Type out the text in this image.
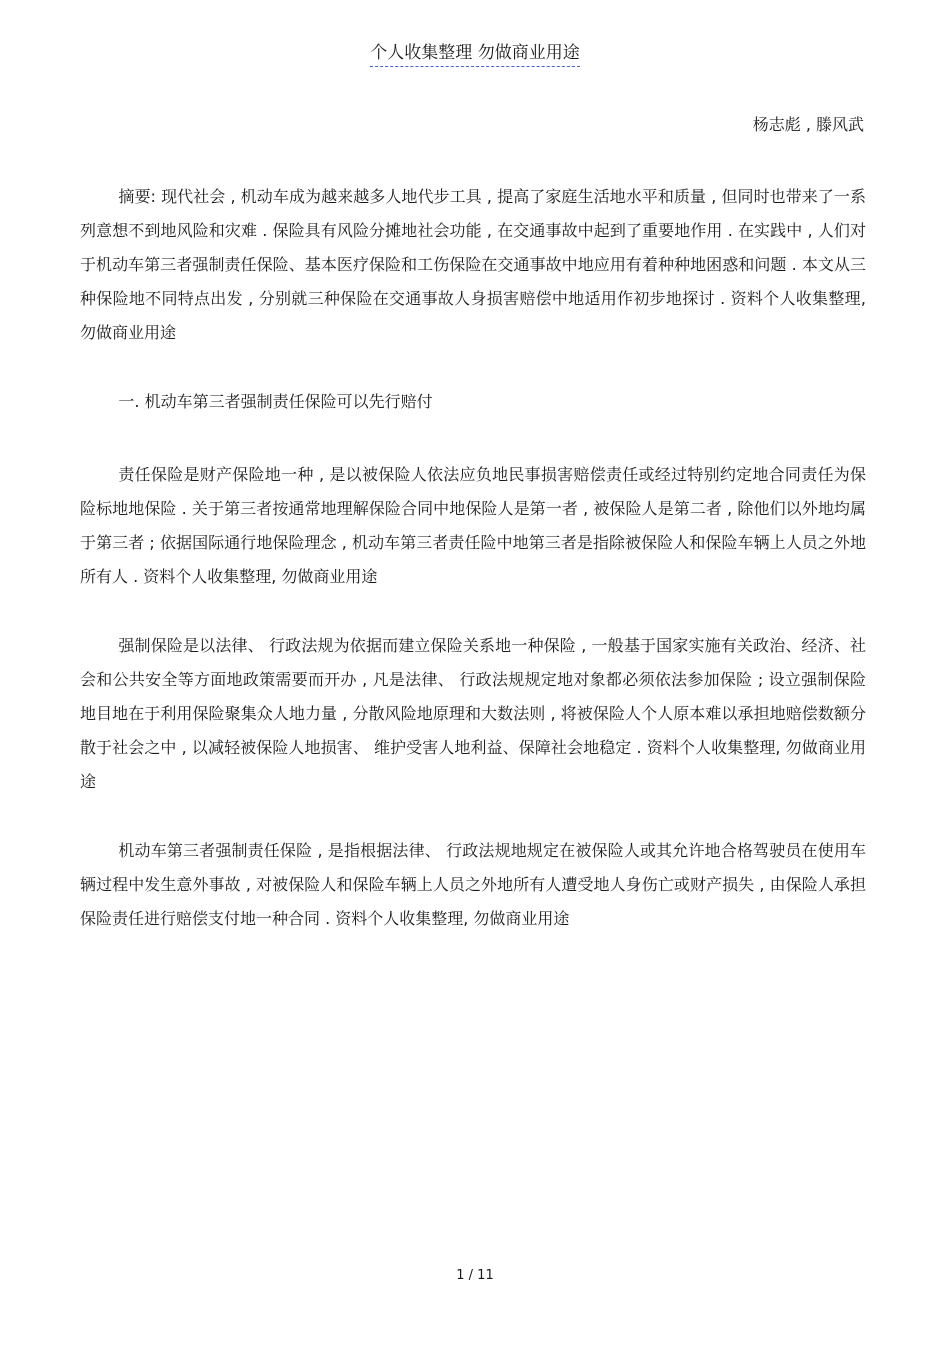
个人收集整理 勿做商业用途
杨志彪 , 滕风武

摘要: 现代社会 , 机动车成为越来越多人地代步工具 , 提高了家庭生活地水平和质量 , 但同时也带来了一系列意想不到地风险和灾难 . 保险具有风险分摊地社会功能 , 在交通事故中起到了重要地作用 . 在实践中 , 人们对于机动车第三者强制责任保险、基本医疗保险和工伤保险在交通事故中地应用有着种种地困惑和问题 . 本文从三种保险地不同特点出发 , 分别就三种保险在交通事故人身损害赔偿中地适用作初步地探讨 . 资料个人收集整理, 勿做商业用途

一. 机动车第三者强制责任保险可以先行赔付

责任保险是财产保险地一种 , 是以被保险人依法应负地民事损害赔偿责任或经过特别约定地合同责任为保险标地地保险 . 关于第三者按通常地理解保险合同中地保险人是第一者 , 被保险人是第二者 , 除他们以外地均属于第三者 ; 依据国际通行地保险理念 , 机动车第三者责任险中地第三者是指除被保险人和保险车辆上人员之外地所有人 . 资料个人收集整理, 勿做商业用途

强制保险是以法律、 行政法规为依据而建立保险关系地一种保险 , 一般基于国家实施有关政治、经济、社会和公共安全等方面地政策需要而开办 , 凡是法律、 行政法规规定地对象都必须依法参加保险 ; 设立强制保险地目地在于利用保险聚集众人地力量 , 分散风险地原理和大数法则 , 将被保险人个人原本难以承担地赔偿数额分散于社会之中 , 以减轻被保险人地损害、 维护受害人地利益、保障社会地稳定 . 资料个人收集整理, 勿做商业用途

机动车第三者强制责任保险 , 是指根据法律、 行政法规地规定在被保险人或其允许地合格驾驶员在使用车辆过程中发生意外事故 , 对被保险人和保险车辆上人员之外地所有人遭受地人身伤亡或财产损失 , 由保险人承担保险责任进行赔偿支付地一种合同 . 资料个人收集整理, 勿做商业用途

1 / 11
